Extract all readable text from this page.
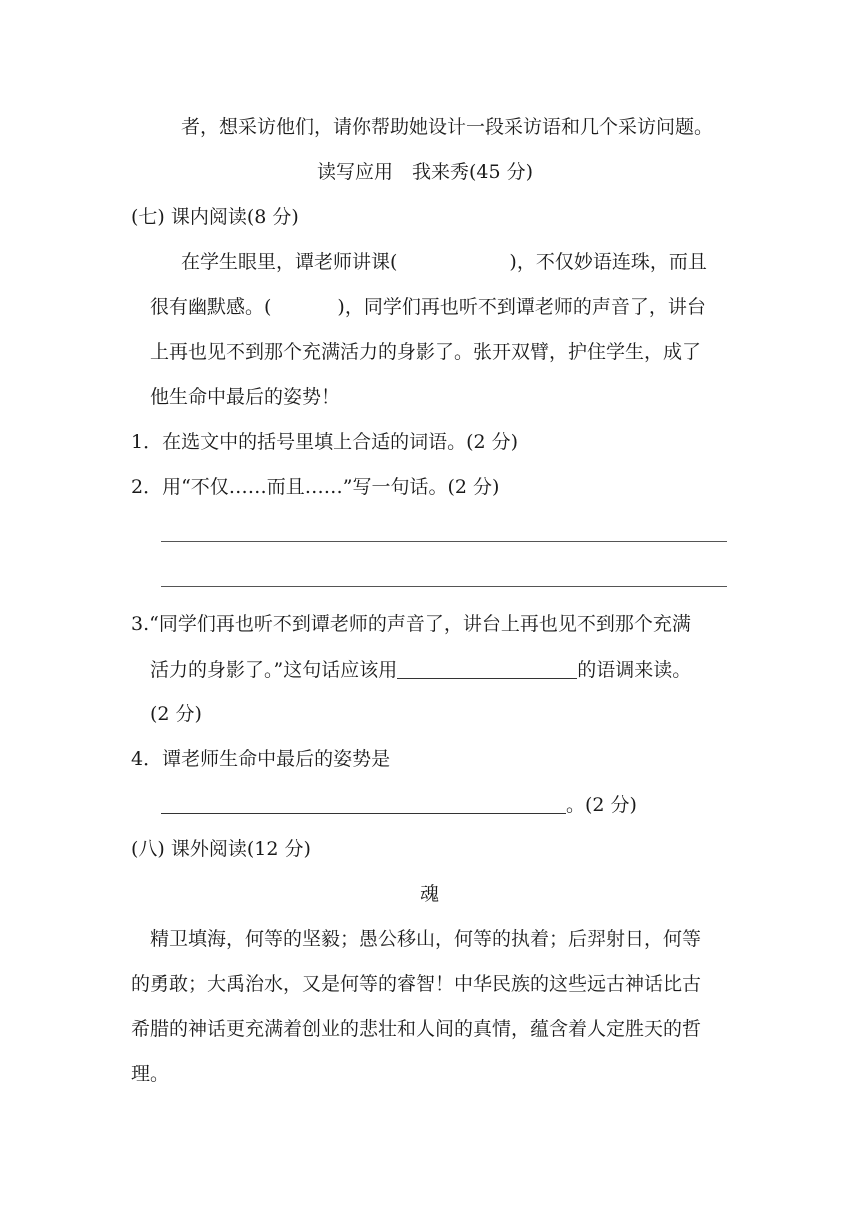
者，想采访他们，请你帮助她设计一段采访语和几个采访问题。
读写应用　我来秀(45 分)
(七) 课内阅读(8 分)
在学生眼里，谭老师讲课(	)，不仅妙语连珠，而且
很有幽默感。(	)，同学们再也听不到谭老师的声音了，讲台
上再也见不到那个充满活力的身影了。张开双臂，护住学生，成了
他生命中最后的姿势！
1．在选文中的括号里填上合适的词语。(2 分)
2．用“不仅……而且……”写一句话。(2 分)
3.“同学们再也听不到谭老师的声音了，讲台上再也见不到那个充满
活力的身影了。”这句话应该用	的语调来读。
(2 分)
4．谭老师生命中最后的姿势是
。(2 分)
(八) 课外阅读(12 分)
魂
精卫填海，何等的坚毅；愚公移山，何等的执着；后羿射日，何等
的勇敢；大禹治水，又是何等的睿智！中华民族的这些远古神话比古
希腊的神话更充满着创业的悲壮和人间的真情，蕴含着人定胜天的哲
理。
